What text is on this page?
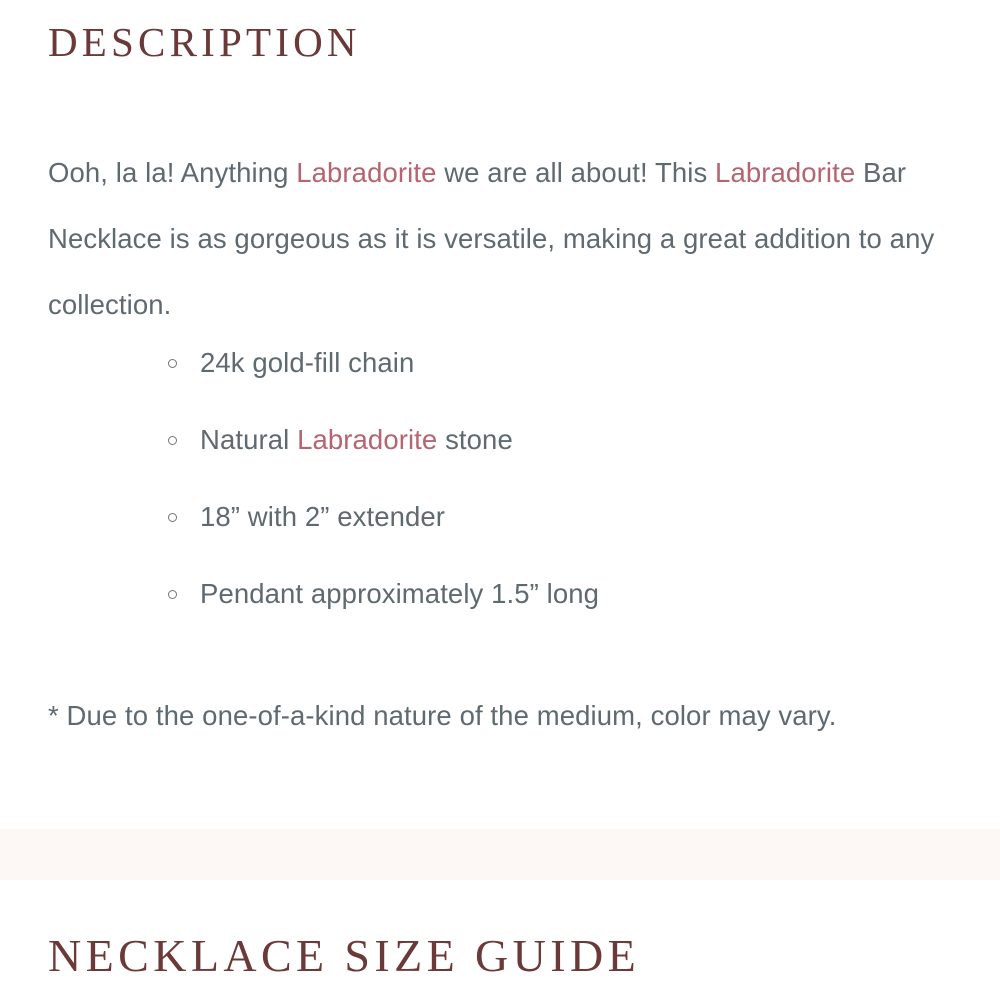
DESCRIPTION

Ooh, la la! Anything Labradorite we are all about! This Labradorite Bar Necklace is as gorgeous as it is versatile, making a great addition to any collection.

24k gold-fill chain
Natural Labradorite stone
18” with 2” extender
Pendant approximately 1.5” long

* Due to the one-of-a-kind nature of the medium, color may vary.

NECKLACE SIZE GUIDE
